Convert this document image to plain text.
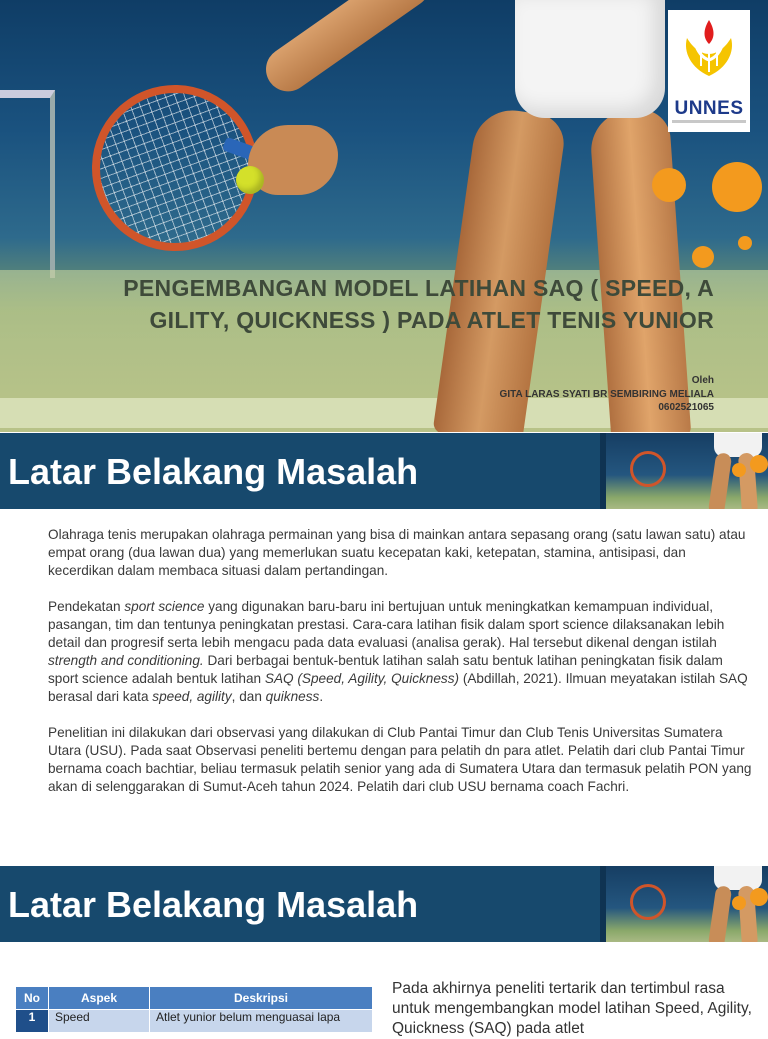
UNNES
PENGEMBANGAN MODEL LATIHAN SAQ ( SPEED, AGILITY, QUICKNESS ) PADA ATLET TENIS YUNIOR
Oleh
GITA LARAS SYATI BR SEMBIRING MELIALA
0602521065
Latar Belakang Masalah

Olahraga tenis merupakan olahraga permainan yang bisa di mainkan antara sepasang orang (satu lawan satu) atau empat orang (dua lawan dua) yang memerlukan suatu kecepatan kaki, ketepatan, stamina, antisipasi, dan kecerdikan dalam membaca situasi dalam pertandingan.

Pendekatan sport science yang digunakan baru-baru ini bertujuan untuk meningkatkan kemampuan individual, pasangan, tim dan tentunya peningkatan prestasi. Cara-cara latihan fisik dalam sport science dilaksanakan lebih detail dan progresif serta lebih mengacu pada data evaluasi (analisa gerak). Hal tersebut dikenal dengan istilah strength and conditioning. Dari berbagai bentuk-bentuk latihan salah satu bentuk latihan peningkatan fisik dalam sport science adalah bentuk latihan SAQ (Speed, Agility, Quickness) (Abdillah, 2021). Ilmuan meyatakan istilah SAQ berasal dari kata speed, agility, dan quikness.

Penelitian ini dilakukan dari observasi yang dilakukan di Club Pantai Timur dan Club Tenis Universitas Sumatera Utara (USU). Pada saat Observasi peneliti bertemu dengan para pelatih dn para atlet. Pelatih dari club Pantai Timur bernama coach bachtiar, beliau termasuk pelatih senior yang ada di Sumatera Utara dan termasuk pelatih PON yang akan di selenggarakan di Sumut-Aceh tahun 2024. Pelatih dari club USU bernama coach Fachri.

Latar Belakang Masalah
No	Aspek	Deskripsi
1	Speed	Atlet yunior belum menguasai lapa
Pada akhirnya peneliti tertarik dan tertimbul rasa untuk mengembangkan model latihan Speed, Agility, Quickness (SAQ) pada atlet
